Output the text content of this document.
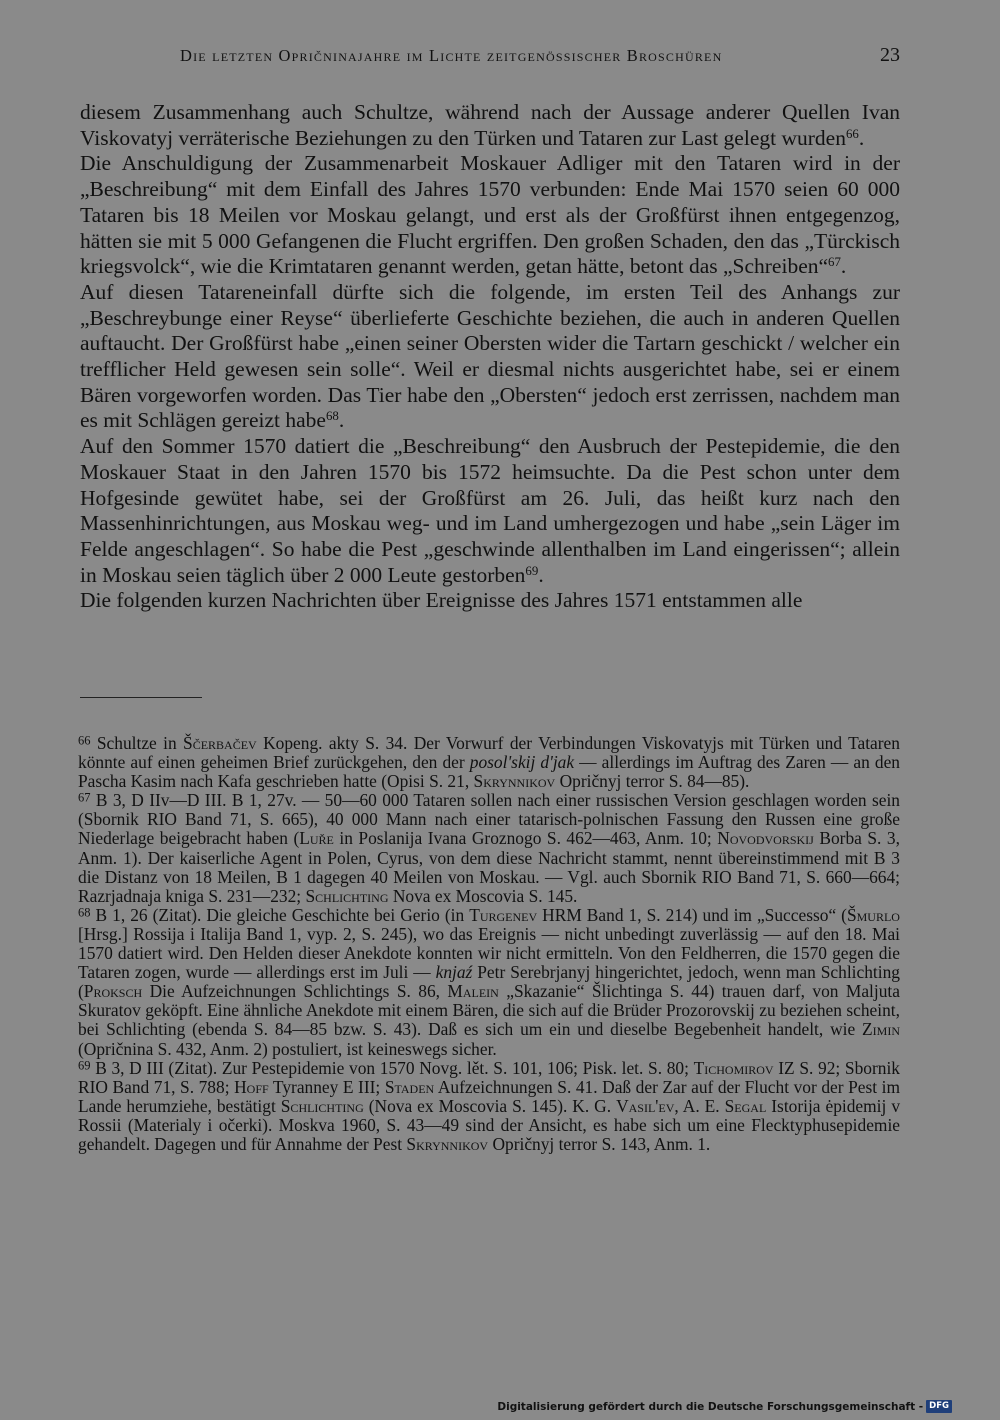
Die letzten Opričninajahre im Lichte zeitgenössischer Broschüren	23

diesem Zusammenhang auch Schultze, während nach der Aussage anderer Quellen Ivan Viskovatyj verräterische Beziehungen zu den Türken und Tataren zur Last gelegt wurden$^{66}$.

Die Anschuldigung der Zusammenarbeit Moskauer Adliger mit den Tataren wird in der „Beschreibung“ mit dem Einfall des Jahres 1570 verbunden: Ende Mai 1570 seien 60 000 Tataren bis 18 Meilen vor Moskau gelangt, und erst als der Großfürst ihnen entgegenzog, hätten sie mit 5 000 Gefangenen die Flucht ergriffen. Den großen Schaden, den das „Türckisch kriegsvolck“, wie die Krimtataren genannt werden, getan hätte, betont das „Schreiben“$^{67}$.

Auf diesen Tatareneinfall dürfte sich die folgende, im ersten Teil des Anhangs zur „Beschreybunge einer Reyse“ überlieferte Geschichte beziehen, die auch in anderen Quellen auftaucht. Der Großfürst habe „einen seiner Obersten wider die Tartarn geschickt / welcher ein trefflicher Held gewesen sein solle“. Weil er diesmal nichts ausgerichtet habe, sei er einem Bären vorgeworfen worden. Das Tier habe den „Obersten“ jedoch erst zerrissen, nachdem man es mit Schlägen gereizt habe$^{68}$.

Auf den Sommer 1570 datiert die „Beschreibung“ den Ausbruch der Pestepidemie, die den Moskauer Staat in den Jahren 1570 bis 1572 heimsuchte. Da die Pest schon unter dem Hofgesinde gewütet habe, sei der Großfürst am 26. Juli, das heißt kurz nach den Massenhinrichtungen, aus Moskau weg- und im Land umhergezogen und habe „sein Läger im Felde angeschlagen“. So habe die Pest „geschwinde allenthalben im Land eingerissen“; allein in Moskau seien täglich über 2 000 Leute gestorben$^{69}$.

Die folgenden kurzen Nachrichten über Ereignisse des Jahres 1571 entstammen alle

$^{66}$ Schultze in Ščerbačev Kopeng. akty S. 34. Der Vorwurf der Verbindungen Viskovatyjs mit Türken und Tataren könnte auf einen geheimen Brief zurückgehen, den der posol'skij d'jak — allerdings im Auftrag des Zaren — an den Pascha Kasim nach Kafa geschrieben hatte (Opisi S. 21, Skrynnikov Opričnyj terror S. 84—85).

$^{67}$ B 3, D IIv—D III. B 1, 27v. — 50—60 000 Tataren sollen nach einer russischen Version geschlagen worden sein (Sbornik RIO Band 71, S. 665), 40 000 Mann nach einer tatarisch-polnischen Fassung den Russen eine große Niederlage beigebracht haben (Luře in Poslanija Ivana Groznogo S. 462—463, Anm. 10; Novodvorskij Borba S. 3, Anm. 1). Der kaiserliche Agent in Polen, Cyrus, von dem diese Nachricht stammt, nennt übereinstimmend mit B 3 die Distanz von 18 Meilen, B 1 dagegen 40 Meilen von Moskau. — Vgl. auch Sbornik RIO Band 71, S. 660—664; Razrjadnaja kniga S. 231—232; Schlichting Nova ex Moscovia S. 145.

$^{68}$ B 1, 26 (Zitat). Die gleiche Geschichte bei Gerio (in Turgenev HRM Band 1, S. 214) und im „Successo“ (Šmurlo [Hrsg.] Rossija i Italija Band 1, vyp. 2, S. 245), wo das Ereignis — nicht unbedingt zuverlässig — auf den 18. Mai 1570 datiert wird. Den Helden dieser Anekdote konnten wir nicht ermitteln. Von den Feldherren, die 1570 gegen die Tataren zogen, wurde — allerdings erst im Juli — knjaź Petr Serebrjanyj hingerichtet, jedoch, wenn man Schlichting (Proksch Die Aufzeichnungen Schlichtings S. 86, Malein „Skazanie“ Šlichtinga S. 44) trauen darf, von Maljuta Skuratov geköpft. Eine ähnliche Anekdote mit einem Bären, die sich auf die Brüder Prozorovskij zu beziehen scheint, bei Schlichting (ebenda S. 84—85 bzw. S. 43). Daß es sich um ein und dieselbe Begebenheit handelt, wie Zimin (Opričnina S. 432, Anm. 2) postuliert, ist keineswegs sicher.

$^{69}$ B 3, D III (Zitat). Zur Pestepidemie von 1570 Novg. lět. S. 101, 106; Pisk. let. S. 80; Tichomirov IZ S. 92; Sbornik RIO Band 71, S. 788; Hoff Tyranney E III; Staden Aufzeichnungen S. 41. Daß der Zar auf der Flucht vor der Pest im Lande herumziehe, bestätigt Schlichting (Nova ex Moscovia S. 145). K. G. Vasil'ev, A. E. Segal Istorija ėpidemij v Rossii (Materialy i očerki). Moskva 1960, S. 43—49 sind der Ansicht, es habe sich um eine Flecktyphusepidemie gehandelt. Dagegen und für Annahme der Pest Skrynnikov Opričnyj terror S. 143, Anm. 1.

Digitalisierung gefördert durch die Deutsche Forschungsgemeinschaft - DFG
